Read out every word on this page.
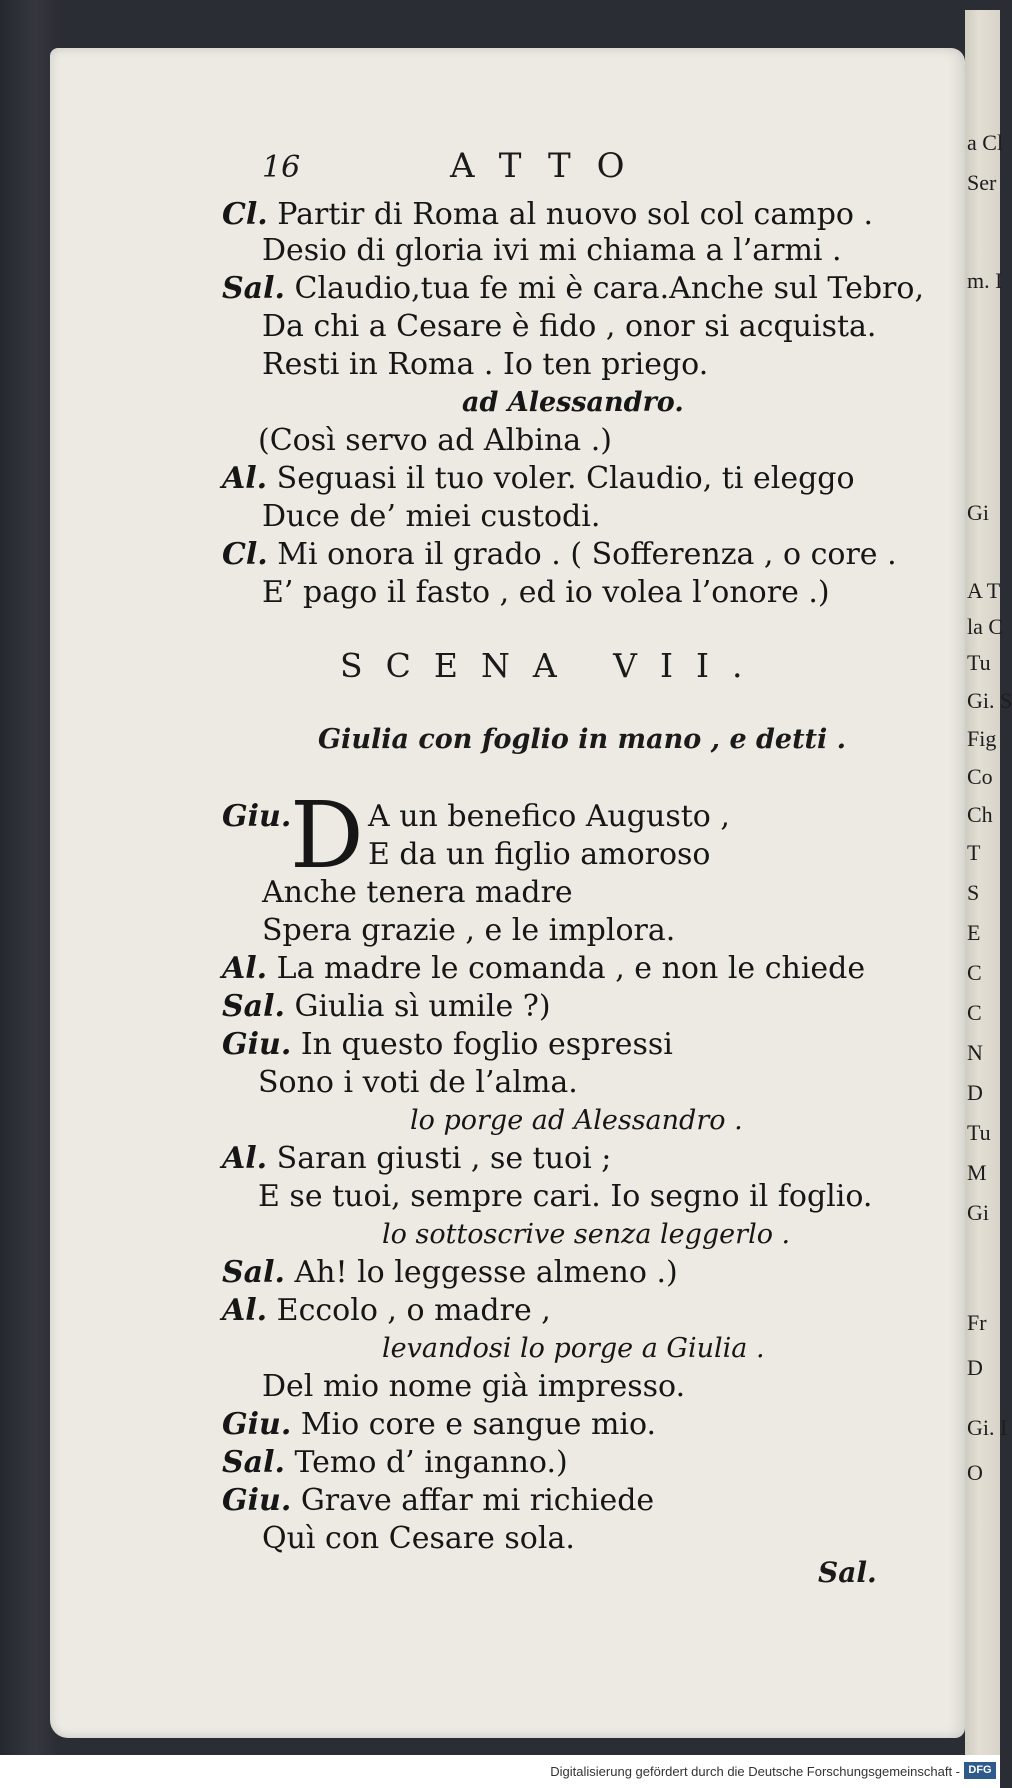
a Cl
Ser
m. I
Gi
A T
la C
Tu
Gi. S
Fig
Co
Ch
T
S
E
C
C
N
D
Tu
M
Gi
Fr
D
Gi. I
O
16	ATTO
Cl. Partir di Roma al nuovo sol col campo .
Desio di gloria ivi mi chiama a l’armi .
Sal. Claudio,tua fe mi è cara.Anche sul Tebro,
Da chi a Cesare è fido , onor si acquista.
Resti in Roma . Io ten priego.
ad Alessandro.
(Così servo ad Albina .)
Al. Seguasi il tuo voler. Claudio, ti eleggo
Duce de’ miei custodi.
Cl. Mi onora il grado . ( Sofferenza , o core .
E’ pago il fasto , ed io volea l’onore .)
SCENA VII.
Giulia con foglio in mano , e detti .
Giu.
D A un benefico Augusto ,
E da un figlio amoroso
Anche tenera madre
Spera grazie , e le implora.
Al. La madre le comanda , e non le chiede
Sal. Giulia sì umile ?)
Giu. In questo foglio espressi
Sono i voti de l’alma.
lo porge ad Alessandro .
Al. Saran giusti , se tuoi ;
E se tuoi, sempre cari. Io segno il foglio.
lo sottoscrive senza leggerlo .
Sal. Ah! lo leggesse almeno .)
Al. Eccolo , o madre ,
levandosi lo porge a Giulia .
Del mio nome già impresso.
Giu. Mio core e sangue mio.
Sal. Temo d’ inganno.)
Giu. Grave affar mi richiede
Quì con Cesare sola.
Sal.
Digitalisierung gefördert durch die Deutsche Forschungsgemeinschaft - DFG
